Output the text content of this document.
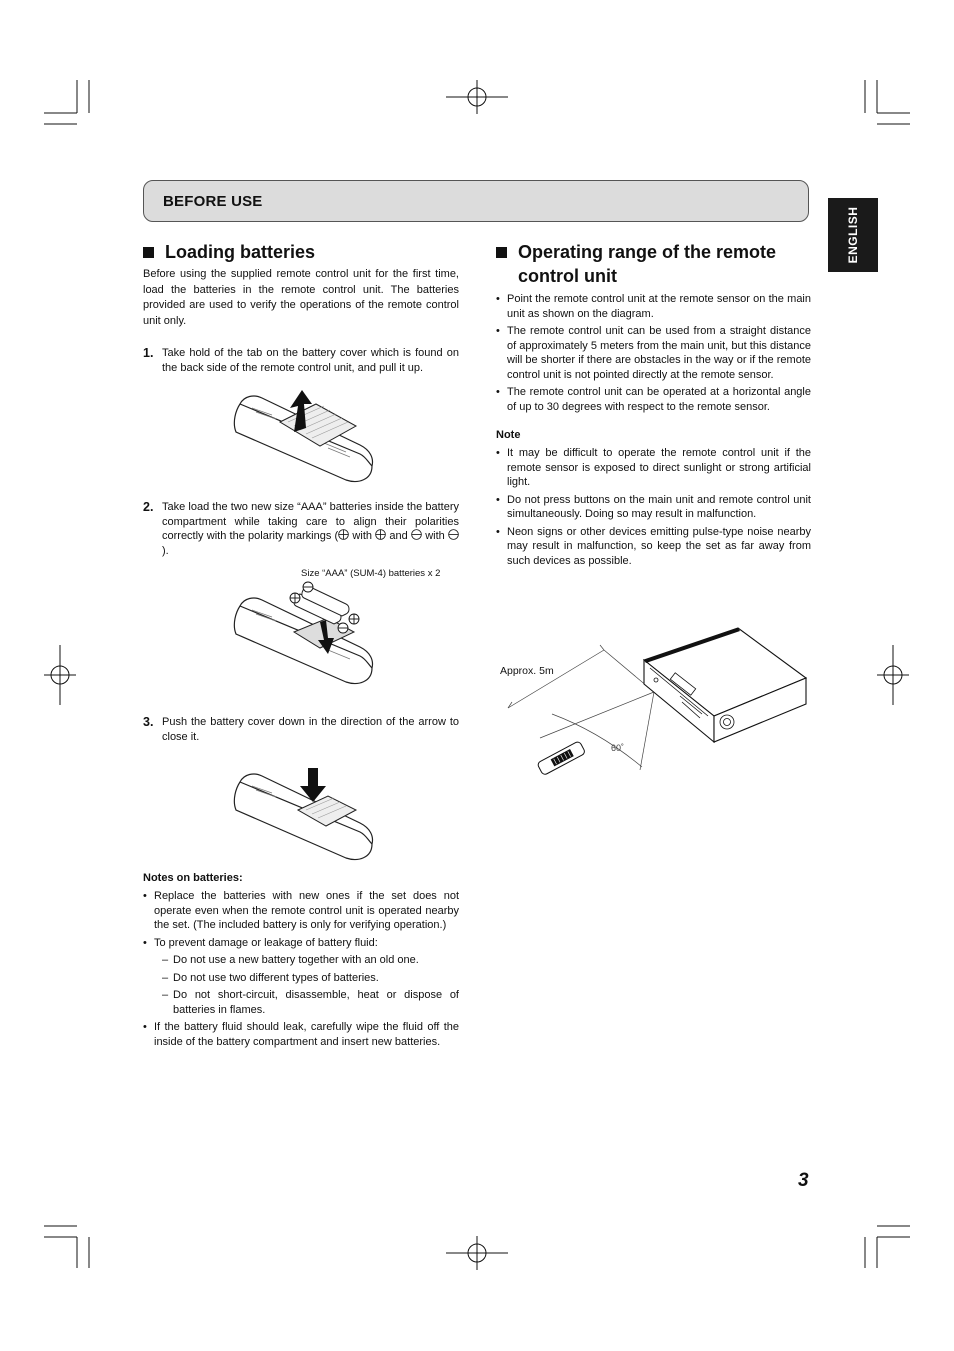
BEFORE USE
ENGLISH
Loading batteries

Before using the supplied remote control unit for the first time, load the batteries in the remote control unit. The batteries provided are used to verify the operations of the remote control unit only.

1. Take hold of the tab on the battery cover which is found on the back side of the remote control unit, and pull it up.
2. Take load the two new size “AAA” batteries inside the battery compartment while taking care to align their polarities correctly with the polarity markings ( with  and  with ).
Size “AAA” (SUM-4) batteries x 2
3. Push the battery cover down in the direction of the arrow to close it.
Notes on batteries:
• Replace the batteries with new ones if the set does not operate even when the remote control unit is operated nearby the set. (The included battery is only for verifying operation.)
• To prevent damage or leakage of battery fluid:
– Do not use a new battery together with an old one.
– Do not use two different types of batteries.
– Do not short-circuit, disassemble, heat or dispose of batteries in flames.
• If the battery fluid should leak, carefully wipe the fluid off the inside of the battery compartment and insert new batteries.
Operating range of the remote
control unit
• Point the remote control unit at the remote sensor on the main unit as shown on the diagram.
• The remote control unit can be used from a straight distance of approximately 5 meters from the main unit, but this distance will be shorter if there are obstacles in the way or if the remote control unit is not pointed directly at the remote sensor.
• The remote control unit can be operated at a horizontal angle of up to 30 degrees with respect to the remote sensor.
Note
• It may be difficult to operate the remote control unit if the remote sensor is exposed to direct sunlight or strong artificial light.
• Do not press buttons on the main unit and remote control unit simultaneously. Doing so may result in malfunction.
• Neon signs or other devices emitting pulse-type noise nearby may result in malfunction, so keep the set as far away from such devices as possible.
Approx. 5m
60˚
3
